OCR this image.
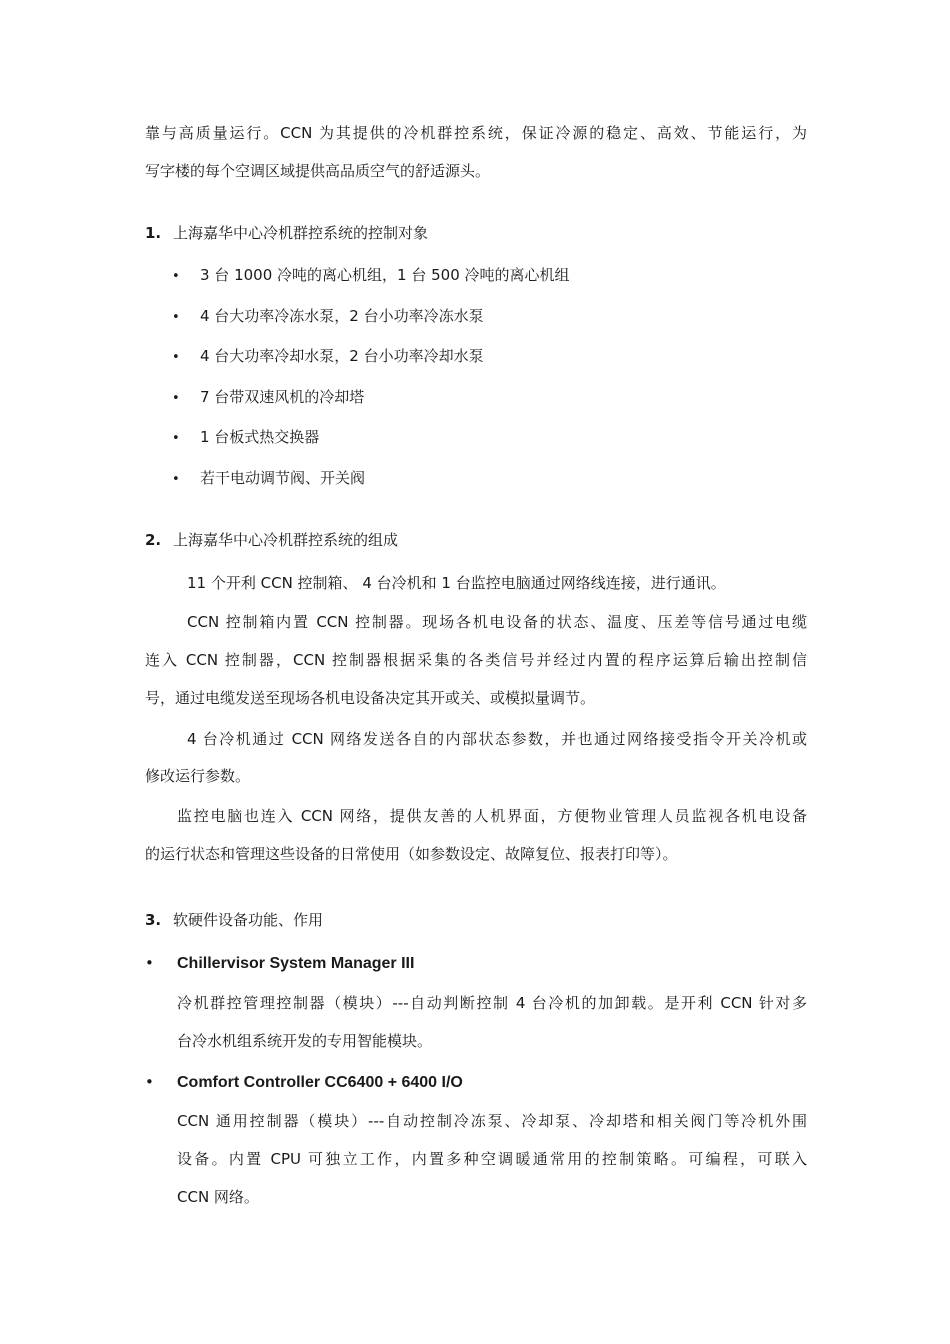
靠与高质量运行。CCN 为其提供的冷机群控系统，保证冷源的稳定、高效、节能运行，为
写字楼的每个空调区域提供高品质空气的舒适源头。
1. 上海嘉华中心冷机群控系统的控制对象
• 3 台 1000 冷吨的离心机组，1 台 500 冷吨的离心机组
• 4 台大功率冷冻水泵，2 台小功率冷冻水泵
• 4 台大功率冷却水泵，2 台小功率冷却水泵
• 7 台带双速风机的冷却塔
• 1 台板式热交换器
• 若干电动调节阀、开关阀
2. 上海嘉华中心冷机群控系统的组成
11 个开利 CCN 控制箱、 4 台冷机和 1 台监控电脑通过网络线连接，进行通讯。
CCN 控制箱内置 CCN 控制器。现场各机电设备的状态、温度、压差等信号通过电缆
连入 CCN 控制器，CCN 控制器根据采集的各类信号并经过内置的程序运算后输出控制信
号，通过电缆发送至现场各机电设备决定其开或关、或模拟量调节。
4 台冷机通过 CCN 网络发送各自的内部状态参数，并也通过网络接受指令开关冷机或
修改运行参数。
监控电脑也连入 CCN 网络，提供友善的人机界面，方便物业管理人员监视各机电设备
的运行状态和管理这些设备的日常使用（如参数设定、故障复位、报表打印等）。
3. 软硬件设备功能、作用
• Chillervisor System Manager III
冷机群控管理控制器（模块）---自动判断控制 4 台冷机的加卸载。是开利 CCN 针对多
台冷水机组系统开发的专用智能模块。
• Comfort Controller CC6400 + 6400 I/O
CCN 通用控制器（模块）---自动控制冷冻泵、冷却泵、冷却塔和相关阀门等冷机外围
设备。内置 CPU 可独立工作，内置多种空调暖通常用的控制策略。可编程，可联入
CCN 网络。
